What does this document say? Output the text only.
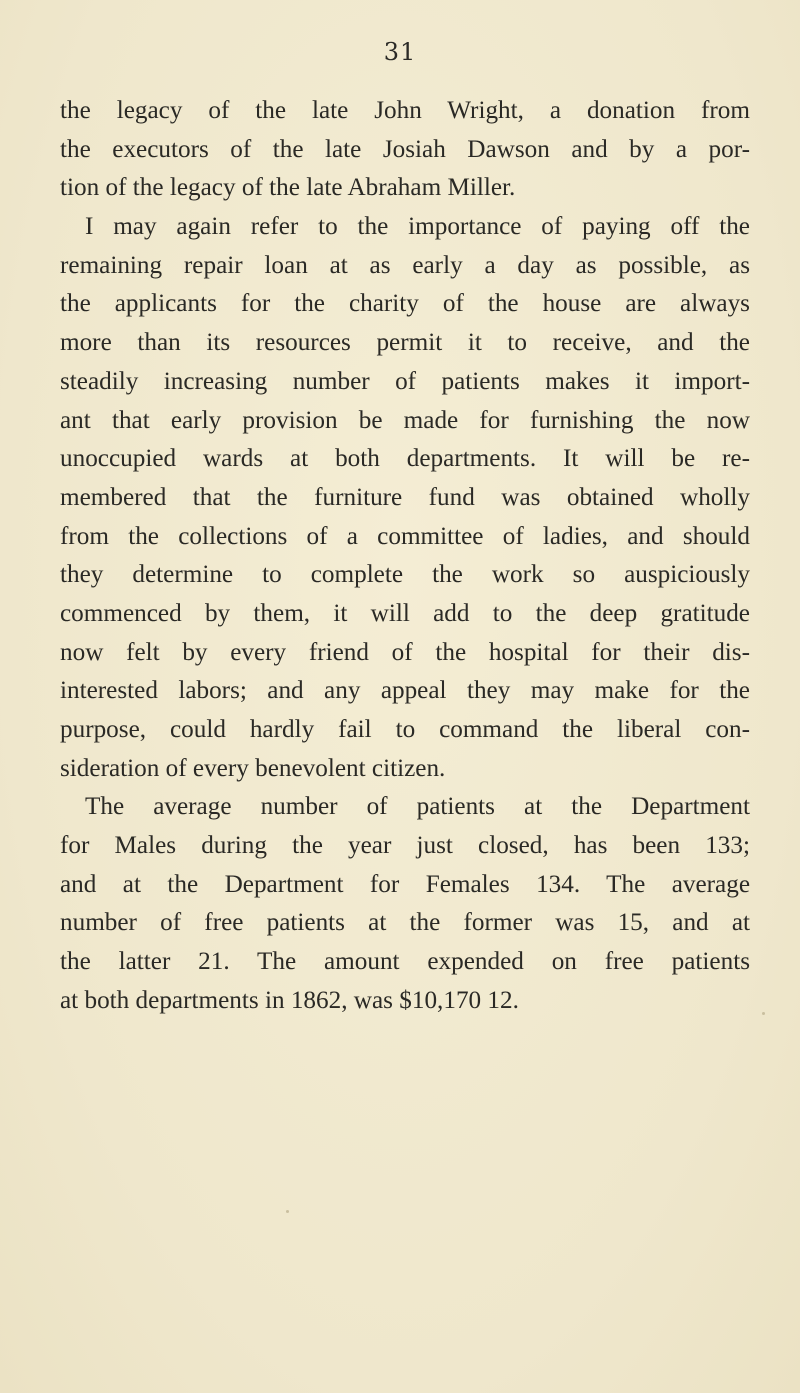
31
the legacy of the late John Wright, a donation from
the executors of the late Josiah Dawson and by a por-
tion of the legacy of the late Abraham Miller.
I may again refer to the importance of paying off the
remaining repair loan at as early a day as possible, as
the applicants for the charity of the house are always
more than its resources permit it to receive, and the
steadily increasing number of patients makes it import-
ant that early provision be made for furnishing the now
unoccupied wards at both departments. It will be re-
membered that the furniture fund was obtained wholly
from the collections of a committee of ladies, and should
they determine to complete the work so auspiciously
commenced by them, it will add to the deep gratitude
now felt by every friend of the hospital for their dis-
interested labors; and any appeal they may make for the
purpose, could hardly fail to command the liberal con-
sideration of every benevolent citizen.
The average number of patients at the Department
for Males during the year just closed, has been 133;
and at the Department for Females 134. The average
number of free patients at the former was 15, and at
the latter 21. The amount expended on free patients
at both departments in 1862, was $10,170 12.
